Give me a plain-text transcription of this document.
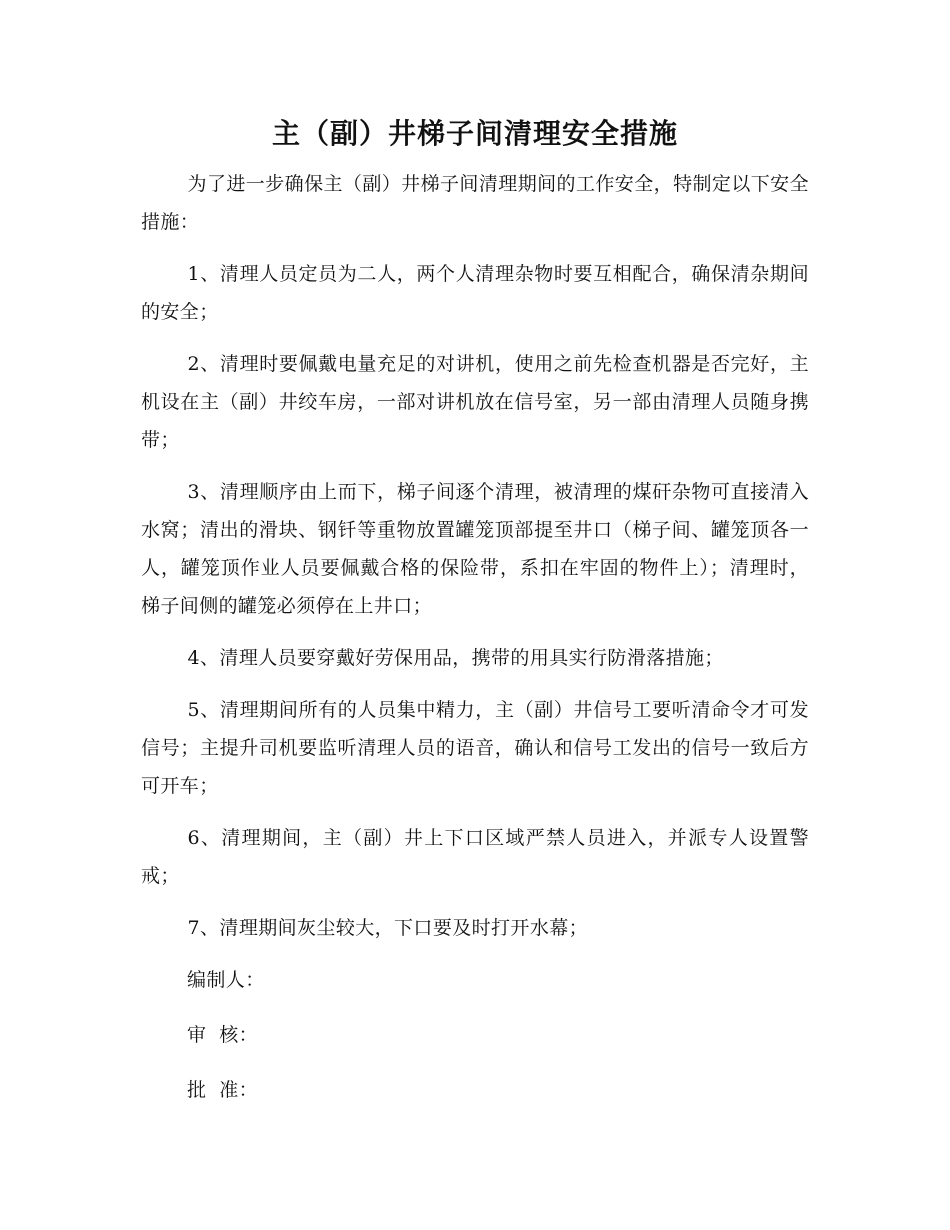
主（副）井梯子间清理安全措施

为了进一步确保主（副）井梯子间清理期间的工作安全，特制定以下安全措施：

1、清理人员定员为二人，两个人清理杂物时要互相配合，确保清杂期间的安全；

2、清理时要佩戴电量充足的对讲机，使用之前先检查机器是否完好，主机设在主（副）井绞车房，一部对讲机放在信号室，另一部由清理人员随身携带；

3、清理顺序由上而下，梯子间逐个清理，被清理的煤矸杂物可直接清入水窝；清出的滑块、钢钎等重物放置罐笼顶部提至井口（梯子间、罐笼顶各一人，罐笼顶作业人员要佩戴合格的保险带，系扣在牢固的物件上）；清理时，梯子间侧的罐笼必须停在上井口；

4、清理人员要穿戴好劳保用品，携带的用具实行防滑落措施；

5、清理期间所有的人员集中精力，主（副）井信号工要听清命令才可发信号；主提升司机要监听清理人员的语音，确认和信号工发出的信号一致后方可开车；

6、清理期间，主（副）井上下口区域严禁人员进入，并派专人设置警戒；

7、清理期间灰尘较大，下口要及时打开水幕；

编制人：

审  核：

批  准：
